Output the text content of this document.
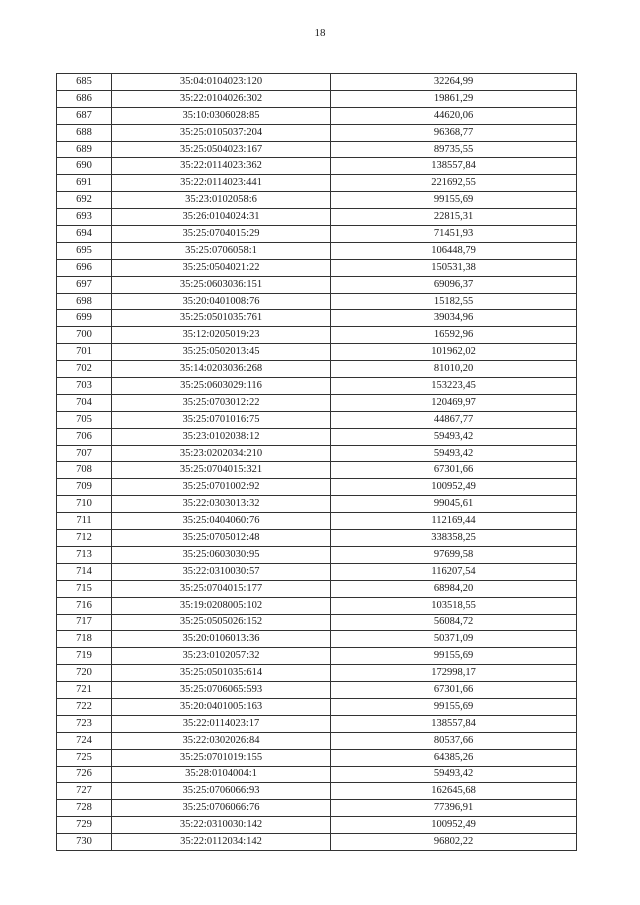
18
685	35:04:0104023:120	32264,99
686	35:22:0104026:302	19861,29
687	35:10:0306028:85	44620,06
688	35:25:0105037:204	96368,77
689	35:25:0504023:167	89735,55
690	35:22:0114023:362	138557,84
691	35:22:0114023:441	221692,55
692	35:23:0102058:6	99155,69
693	35:26:0104024:31	22815,31
694	35:25:0704015:29	71451,93
695	35:25:0706058:1	106448,79
696	35:25:0504021:22	150531,38
697	35:25:0603036:151	69096,37
698	35:20:0401008:76	15182,55
699	35:25:0501035:761	39034,96
700	35:12:0205019:23	16592,96
701	35:25:0502013:45	101962,02
702	35:14:0203036:268	81010,20
703	35:25:0603029:116	153223,45
704	35:25:0703012:22	120469,97
705	35:25:0701016:75	44867,77
706	35:23:0102038:12	59493,42
707	35:23:0202034:210	59493,42
708	35:25:0704015:321	67301,66
709	35:25:0701002:92	100952,49
710	35:22:0303013:32	99045,61
711	35:25:0404060:76	112169,44
712	35:25:0705012:48	338358,25
713	35:25:0603030:95	97699,58
714	35:22:0310030:57	116207,54
715	35:25:0704015:177	68984,20
716	35:19:0208005:102	103518,55
717	35:25:0505026:152	56084,72
718	35:20:0106013:36	50371,09
719	35:23:0102057:32	99155,69
720	35:25:0501035:614	172998,17
721	35:25:0706065:593	67301,66
722	35:20:0401005:163	99155,69
723	35:22:0114023:17	138557,84
724	35:22:0302026:84	80537,66
725	35:25:0701019:155	64385,26
726	35:28:0104004:1	59493,42
727	35:25:0706066:93	162645,68
728	35:25:0706066:76	77396,91
729	35:22:0310030:142	100952,49
730	35:22:0112034:142	96802,22
